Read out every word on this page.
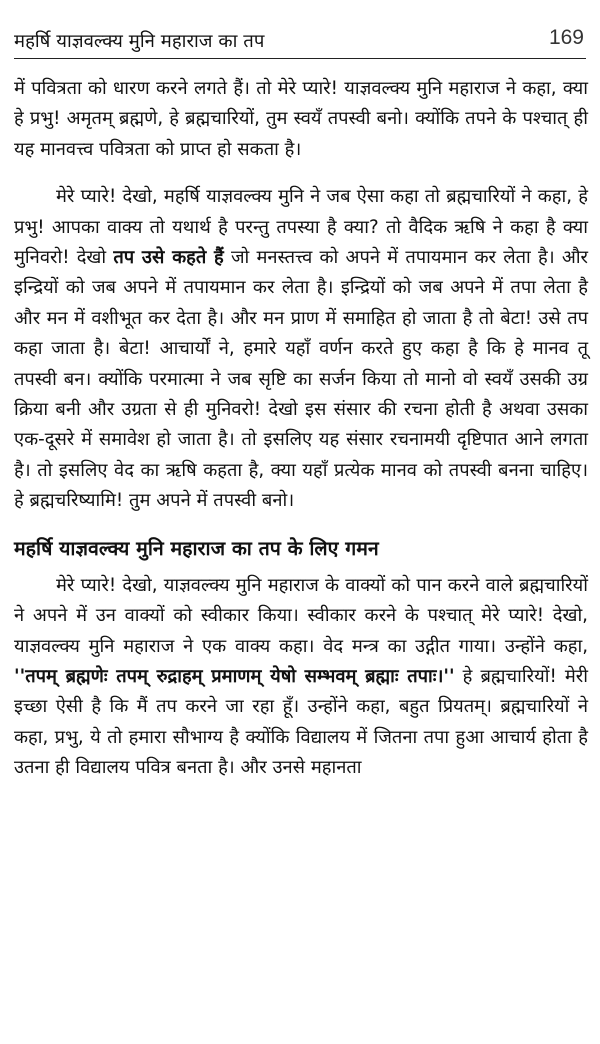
महर्षि याज्ञवल्क्य मुनि महाराज का तप	169

में पवित्रता को धारण करने लगते हैं। तो मेरे प्यारे! याज्ञवल्क्य मुनि महाराज ने कहा, क्या हे प्रभु! अमृतम् ब्रह्मणे, हे ब्रह्मचारियों, तुम स्वयँ तपस्वी बनो। क्योंकि तपने के पश्चात् ही यह मानवत्त्व पवित्रता को प्राप्त हो सकता है।

मेरे प्यारे! देखो, महर्षि याज्ञवल्क्य मुनि ने जब ऐसा कहा तो ब्रह्मचारियों ने कहा, हे प्रभु! आपका वाक्य तो यथार्थ है परन्तु तपस्या है क्या? तो वैदिक ऋषि ने कहा है क्या मुनिवरो! देखो तप उसे कहते हैं जो मनस्तत्त्व को अपने में तपायमान कर लेता है। और इन्द्रियों को जब अपने में तपायमान कर लेता है। इन्द्रियों को जब अपने में तपा लेता है और मन में वशीभूत कर देता है। और मन प्राण में समाहित हो जाता है तो बेटा! उसे तप कहा जाता है। बेटा! आचार्यों ने, हमारे यहाँ वर्णन करते हुए कहा है कि हे मानव तू तपस्वी बन। क्योंकि परमात्मा ने जब सृष्टि का सर्जन किया तो मानो वो स्वयँ उसकी उग्र क्रिया बनी और उग्रता से ही मुनिवरो! देखो इस संसार की रचना होती है अथवा उसका एक-दूसरे में समावेश हो जाता है। तो इसलिए यह संसार रचनामयी दृष्टिपात आने लगता है। तो इसलिए वेद का ऋषि कहता है, क्या यहाँ प्रत्येक मानव को तपस्वी बनना चाहिए। हे ब्रह्मचरिष्यामि! तुम अपने में तपस्वी बनो।

महर्षि याज्ञवल्क्य मुनि महाराज का तप के लिए गमन

मेरे प्यारे! देखो, याज्ञवल्क्य मुनि महाराज के वाक्यों को पान करने वाले ब्रह्मचारियों ने अपने में उन वाक्यों को स्वीकार किया। स्वीकार करने के पश्चात् मेरे प्यारे! देखो, याज्ञवल्क्य मुनि महाराज ने एक वाक्य कहा। वेद मन्त्र का उद्गीत गाया। उन्होंने कहा, ''तपम् ब्रह्मणेः तपम् रुद्राहम् प्रमाणम् येषो सम्भवम् ब्रह्माः तपाः।'' हे ब्रह्मचारियों! मेरी इच्छा ऐसी है कि मैं तप करने जा रहा हूँ। उन्होंने कहा, बहुत प्रियतम्। ब्रह्मचारियों ने कहा, प्रभु, ये तो हमारा सौभाग्य है क्योंकि विद्यालय में जितना तपा हुआ आचार्य होता है उतना ही विद्यालय पवित्र बनता है। और उनसे महानता
